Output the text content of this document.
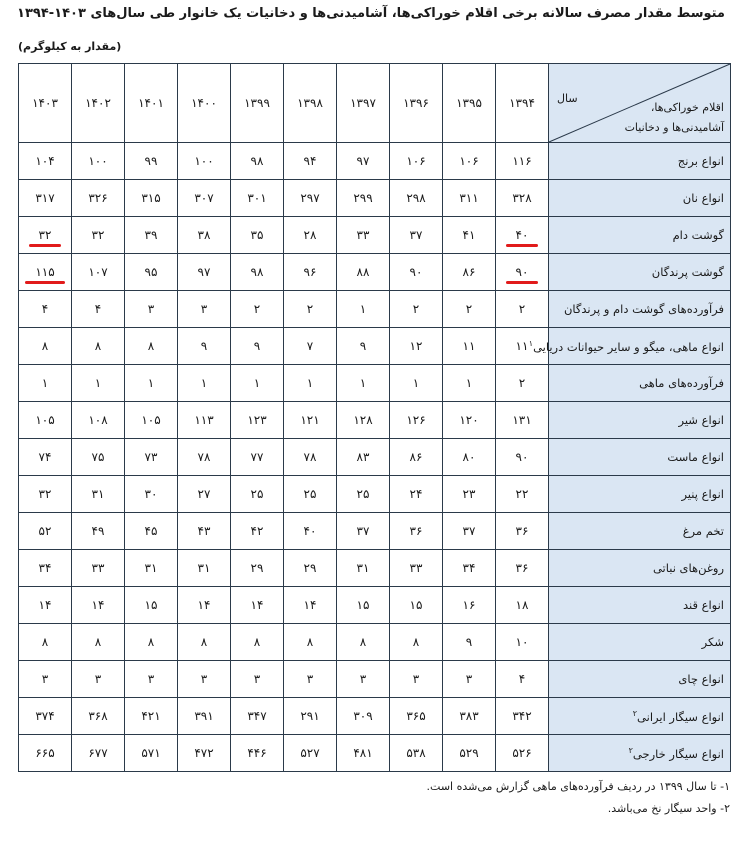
متوسط مقدار مصرف سالانه برخی اقلام خوراکی‌ها، آشامیدنی‌ها و دخانیات یک خانوار طی سال‌های ۱۴۰۳-۱۳۹۴
(مقدار به کیلوگرم)
سال
اقلام خوراکی‌ها،
آشامیدنی‌ها و دخانیات	۱۳۹۴	۱۳۹۵	۱۳۹۶	۱۳۹۷	۱۳۹۸	۱۳۹۹	۱۴۰۰	۱۴۰۱	۱۴۰۲	۱۴۰۳
انواع برنج	۱۱۶	۱۰۶	۱۰۶	۹۷	۹۴	۹۸	۱۰۰	۹۹	۱۰۰	۱۰۴
انواع نان	۳۲۸	۳۱۱	۲۹۸	۲۹۹	۲۹۷	۳۰۱	۳۰۷	۳۱۵	۳۲۶	۳۱۷
گوشت دام	۴۰	۴۱	۳۷	۳۳	۲۸	۳۵	۳۸	۳۹	۳۲	۳۲
گوشت پرندگان	۹۰	۸۶	۹۰	۸۸	۹۶	۹۸	۹۷	۹۵	۱۰۷	۱۱۵
فرآورده‌های گوشت دام و پرندگان	۲	۲	۲	۱	۲	۲	۳	۳	۴	۴
انواع ماهی، میگو و سایر حیوانات دریایی$^۱$	۱۱	۱۱	۱۲	۹	۷	۹	۹	۸	۸	۸
فرآورده‌های ماهی	۲	۱	۱	۱	۱	۱	۱	۱	۱	۱
انواع شیر	۱۳۱	۱۲۰	۱۲۶	۱۲۸	۱۲۱	۱۲۳	۱۱۳	۱۰۵	۱۰۸	۱۰۵
انواع ماست	۹۰	۸۰	۸۶	۸۳	۷۸	۷۷	۷۸	۷۳	۷۵	۷۴
انواع پنیر	۲۲	۲۳	۲۴	۲۵	۲۵	۲۵	۲۷	۳۰	۳۱	۳۲
تخم مرغ	۳۶	۳۷	۳۶	۳۷	۴۰	۴۲	۴۳	۴۵	۴۹	۵۲
روغن‌های نباتی	۳۶	۳۴	۳۳	۳۱	۲۹	۲۹	۳۱	۳۱	۳۳	۳۴
انواع قند	۱۸	۱۶	۱۵	۱۵	۱۴	۱۴	۱۴	۱۵	۱۴	۱۴
شکر	۱۰	۹	۸	۸	۸	۸	۸	۸	۸	۸
انواع چای	۴	۳	۳	۳	۳	۳	۳	۳	۳	۳
انواع سیگار ایرانی$^۲$	۳۴۲	۳۸۳	۳۶۵	۳۰۹	۲۹۱	۳۴۷	۳۹۱	۴۲۱	۳۶۸	۳۷۴
انواع سیگار خارجی$^۲$	۵۲۶	۵۲۹	۵۳۸	۴۸۱	۵۲۷	۴۴۶	۴۷۲	۵۷۱	۶۷۷	۶۶۵
۱- تا سال ۱۳۹۹ در ردیف فرآورده‌های ماهی گزارش می‌شده است.
۲- واحد سیگار نخ می‌باشد.
